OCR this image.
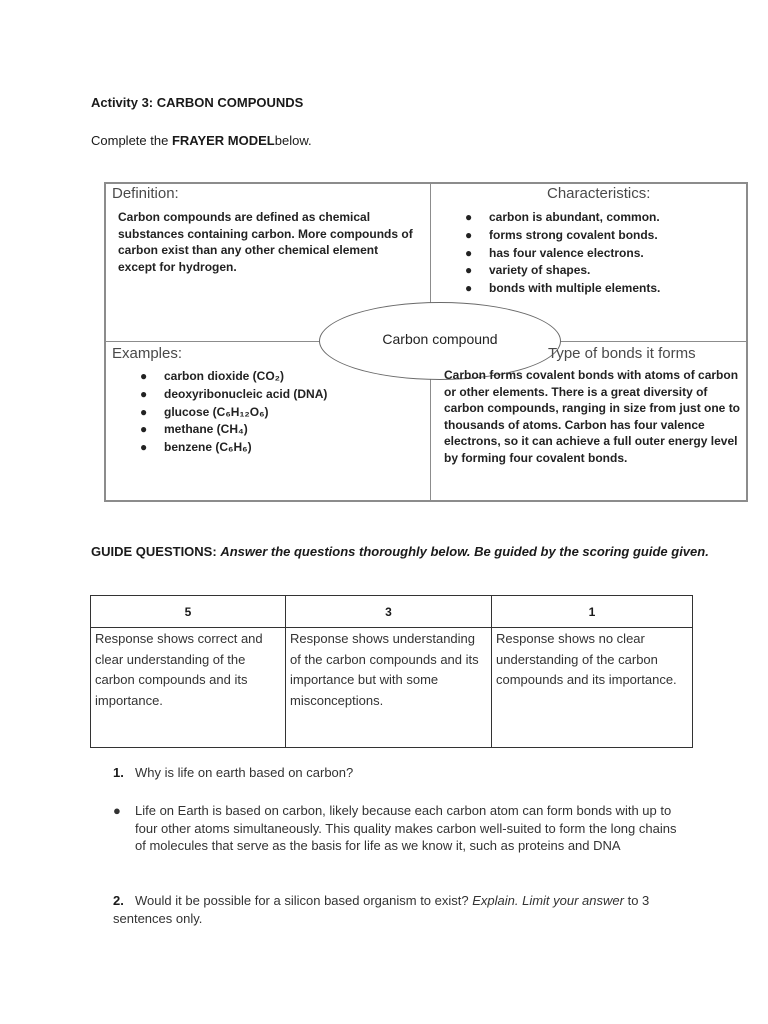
Activity 3: CARBON COMPOUNDS
Complete the FRAYER MODELbelow.
Definition:
Carbon compounds are defined as chemical substances containing carbon. More compounds of carbon exist than any other chemical element except for hydrogen.
Characteristics:
● carbon is abundant, common.
● forms strong covalent bonds.
● has four valence electrons.
● variety of shapes.
● bonds with multiple elements.
Carbon compound
Examples:
● carbon dioxide (CO₂)
● deoxyribonucleic acid (DNA)
● glucose (C₆H₁₂O₆)
● methane (CH₄)
● benzene (C₆H₆)
Type of bonds it forms
Carbon forms covalent bonds with atoms of carbon or other elements. There is a great diversity of carbon compounds, ranging in size from just one to thousands of atoms. Carbon has four valence electrons, so it can achieve a full outer energy level by forming four covalent bonds.
GUIDE QUESTIONS: Answer the questions thoroughly below. Be guided by the scoring guide given.
5	3	1
Response shows correct and clear understanding of the carbon compounds and its importance.	Response shows understanding of the carbon compounds and its importance but with some misconceptions.	Response shows no clear understanding of the carbon compounds and its importance.
1. Why is life on earth based on carbon?
●	Life on Earth is based on carbon, likely because each carbon atom can form bonds with up to four other atoms simultaneously. This quality makes carbon well-suited to form the long chains of molecules that serve as the basis for life as we know it, such as proteins and DNA
2. Would it be possible for a silicon based organism to exist? Explain. Limit your answer to 3 sentences only.
